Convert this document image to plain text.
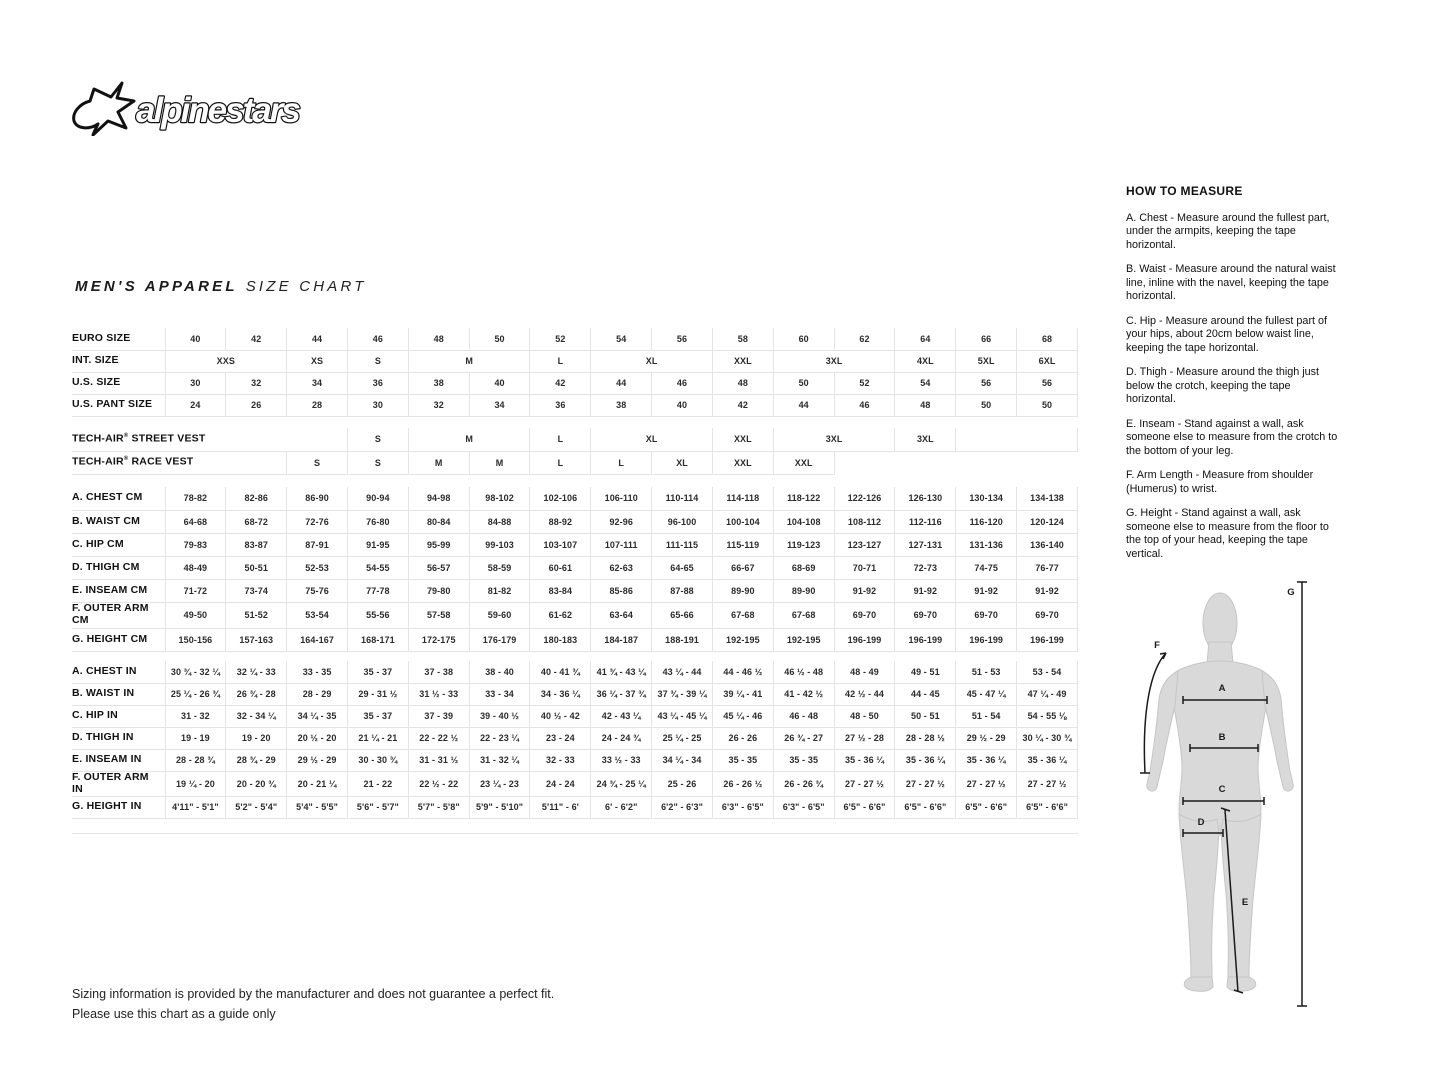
alpinestars
MEN'S APPAREL SIZE CHART
EURO SIZE	40	42	44	46	48	50	52	54	56	58	60	62	64	66	68
INT. SIZE	XXS		XS	S	M		L	XL		XXL	3XL		4XL	5XL	6XL
U.S. SIZE	30	32	34	36	38	40	42	44	46	48	50	52	54	56	56
U.S. PANT SIZE	24	26	28	30	32	34	36	38	40	42	44	46	48	50	50

TECH-AIR® STREET VEST				S	M		L	XL		XXL	3XL		3XL		
TECH-AIR® RACE VEST			S	S	M	M	L	L	XL	XXL	XXL				

A. CHEST CM	78-82	82-86	86-90	90-94	94-98	98-102	102-106	106-110	110-114	114-118	118-122	122-126	126-130	130-134	134-138
B. WAIST CM	64-68	68-72	72-76	76-80	80-84	84-88	88-92	92-96	96-100	100-104	104-108	108-112	112-116	116-120	120-124
C. HIP CM	79-83	83-87	87-91	91-95	95-99	99-103	103-107	107-111	111-115	115-119	119-123	123-127	127-131	131-136	136-140
D. THIGH CM	48-49	50-51	52-53	54-55	56-57	58-59	60-61	62-63	64-65	66-67	68-69	70-71	72-73	74-75	76-77
E. INSEAM CM	71-72	73-74	75-76	77-78	79-80	81-82	83-84	85-86	87-88	89-90	89-90	91-92	91-92	91-92	91-92
F. OUTER ARM CM	49-50	51-52	53-54	55-56	57-58	59-60	61-62	63-64	65-66	67-68	67-68	69-70	69-70	69-70	69-70
G. HEIGHT CM	150-156	157-163	164-167	168-171	172-175	176-179	180-183	184-187	188-191	192-195	192-195	196-199	196-199	196-199	196-199

A. CHEST IN	30 ¾ - 32 ¼	32 ¼ - 33	33 - 35	35 - 37	37 - 38	38 - 40	40 - 41 ¾	41 ¾ - 43 ¼	43 ¼ - 44	44 - 46 ½	46 ½ - 48	48 - 49	49 - 51	51 - 53	53 - 54
B. WAIST IN	25 ¼ - 26 ¾	26 ¾ - 28	28 - 29	29 - 31 ½	31 ½ - 33	33 - 34	34 - 36 ¼	36 ¼ - 37 ¾	37 ¾ - 39 ¼	39 ¼ - 41	41 - 42 ½	42 ½ - 44	44 - 45	45 - 47 ¼	47 ¼ - 49
C. HIP IN	31 - 32	32 - 34 ¼	34 ¼ - 35	35 - 37	37 - 39	39 - 40 ½	40 ½ - 42	42 - 43 ¼	43 ¼ - 45 ¼	45 ¼ - 46	46 - 48	48 - 50	50 - 51	51 - 54	54 - 55 ⅛
D. THIGH IN	19 - 19	19 - 20	20 ½ - 20	21 ¼ - 21	22 - 22 ½	22 - 23 ¼	23 - 24	24 - 24 ¾	25 ¼ - 25	26 - 26	26 ¾ - 27	27 ½ - 28	28 - 28 ½	29 ½ - 29	30 ¼ - 30 ¾
E. INSEAM IN	28 - 28 ¾	28 ¾ - 29	29 ½ - 29	30 - 30 ¾	31 - 31 ½	31 - 32 ¼	32 - 33	33 ½ - 33	34 ¼ - 34	35 - 35	35 - 35	35 - 36 ¼	35 - 36 ¼	35 - 36 ¼	35 - 36 ¼
F. OUTER ARM IN	19 ¼ - 20	20 - 20 ¾	20 - 21 ¼	21 - 22	22 ½ - 22	23 ¼ - 23	24 - 24	24 ¾ - 25 ¼	25 - 26	26 - 26 ½	26 - 26 ¾	27 - 27 ½	27 - 27 ½	27 - 27 ½	27 - 27 ½
G. HEIGHT IN	4'11" - 5'1"	5'2" - 5'4"	5'4" - 5'5"	5'6" - 5'7"	5'7" - 5'8"	5'9" - 5'10"	5'11" - 6'	6' - 6'2"	6'2" - 6'3"	6'3" - 6'5"	6'3" - 6'5"	6'5" - 6'6"	6'5" - 6'6"	6'5" - 6'6"	6'5" - 6'6"

HOW TO MEASURE

A. Chest - Measure around the fullest part, under the armpits, keeping the tape horizontal.

B. Waist - Measure around the natural waist line, inline with the navel, keeping the tape horizontal.

C. Hip - Measure around the fullest part of your hips, about 20cm below waist line, keeping the tape horizontal.

D. Thigh - Measure around the thigh just below the crotch, keeping the tape horizontal.

E. Inseam - Stand against a wall, ask someone else to measure from the crotch to the bottom of your leg.

F. Arm Length - Measure from shoulder (Humerus) to wrist.

G. Height - Stand against a wall, ask someone else to measure from the floor to the top of your head, keeping the tape vertical.

A
B
C
D
E
F
G
Sizing information is provided by the manufacturer and does not guarantee a perfect fit.
Please use this chart as a guide only
